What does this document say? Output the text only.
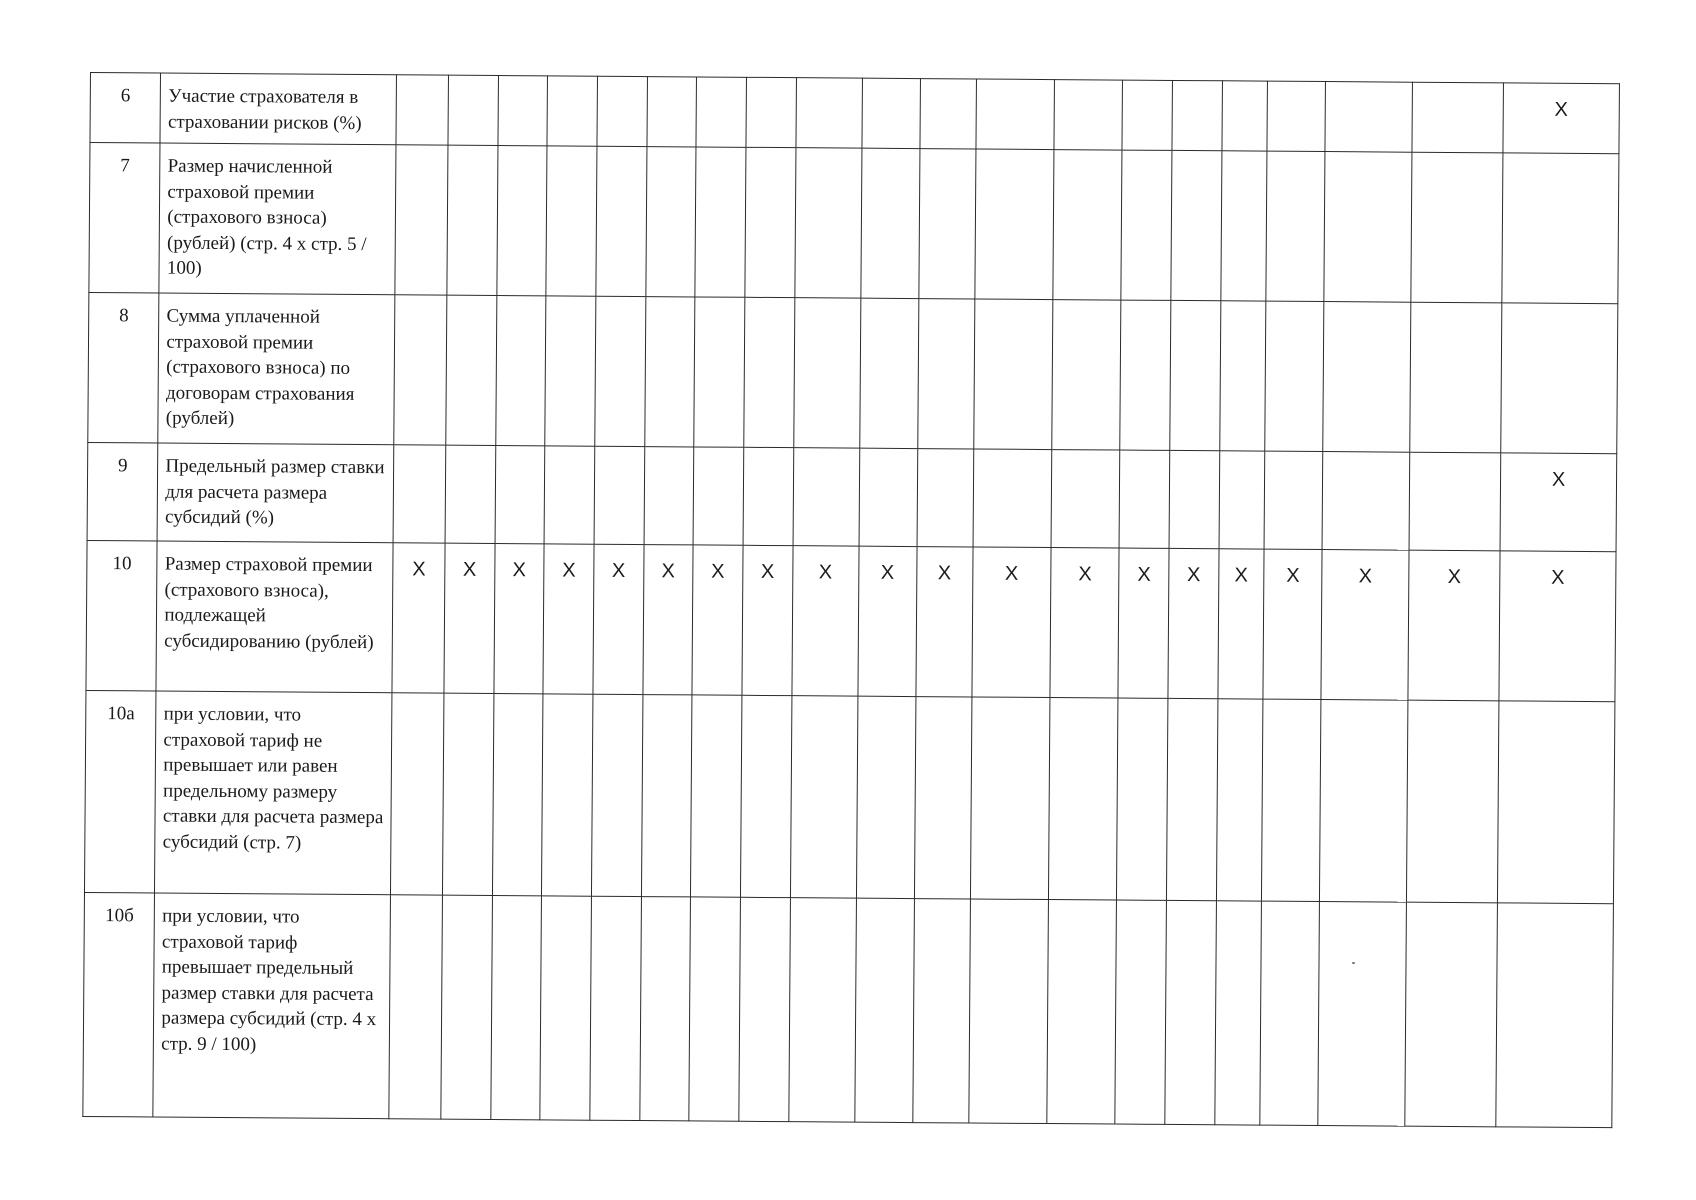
6	Участие страхователя в страховании рисков (%)																				X
7	Размер начисленной страховой премии (страхового взноса) (рублей) (стр. 4 х стр. 5 / 100)																				
8	Сумма уплаченной страховой премии (страхового взноса) по договорам страхования (рублей)																				
9	Предельный размер ставки для расчета размера субсидий (%)																				X
10	Размер страховой премии (страхового взноса), подлежащей субсидированию (рублей)	X	X	X	X	X	X	X	X	X	X	X	X	X	X	X	X	X	X	X	X
10а	при условии, что страховой тариф не превышает или равен предельному размеру ставки для расчета размера субсидий (стр. 7)																				
10б	при условии, что страховой тариф превышает предельный размер ставки для расчета размера субсидий (стр. 4 х стр. 9 / 100)																				
